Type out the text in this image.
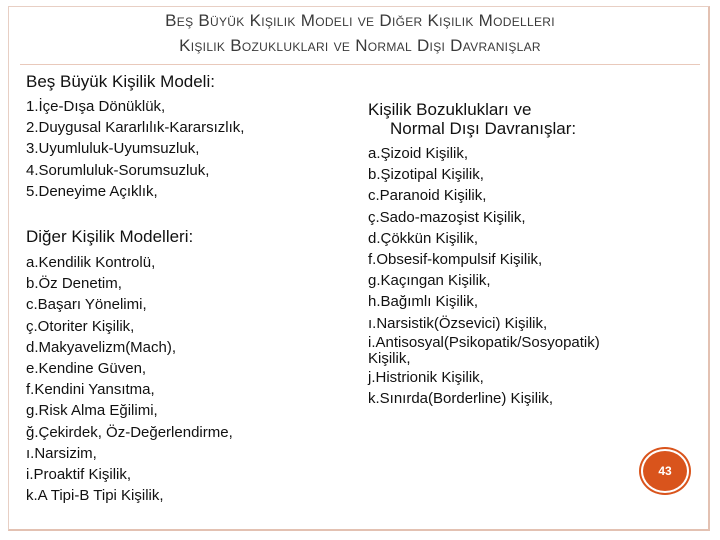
Beş Büyük Kişilik Modeli ve Diğer Kişilik Modelleri
Kişilik Bozuklukları ve Normal Dışı Davranışlar
Beş Büyük Kişilik Modeli:
1.İçe-Dışa Dönüklük,
2.Duygusal Kararlılık-Kararsızlık,
3.Uyumluluk-Uyumsuzluk,
4.Sorumluluk-Sorumsuzluk,
5.Deneyime Açıklık,
Diğer Kişilik Modelleri:
a.Kendilik Kontrolü,
b.Öz Denetim,
c.Başarı Yönelimi,
ç.Otoriter Kişilik,
d.Makyavelizm(Mach),
e.Kendine Güven,
f.Kendini Yansıtma,
g.Risk Alma Eğilimi,
ğ.Çekirdek, Öz-Değerlendirme,
ı.Narsizim,
i.Proaktif Kişilik,
k.A Tipi-B Tipi Kişilik,
Kişilik Bozuklukları ve
Normal Dışı Davranışlar:
a.Şizoid Kişilik,
b.Şizotipal Kişilik,
c.Paranoid Kişilik,
ç.Sado-mazoşist Kişilik,
d.Çökkün Kişilik,
f.Obsesif-kompulsif Kişilik,
g.Kaçıngan Kişilik,
h.Bağımlı Kişilik,
ı.Narsistik(Özsevici) Kişilik,
i.Antisosyal(Psikopatik/Sosyopatik)
Kişilik,
j.Histrionik Kişilik,
k.Sınırda(Borderline) Kişilik,
43
